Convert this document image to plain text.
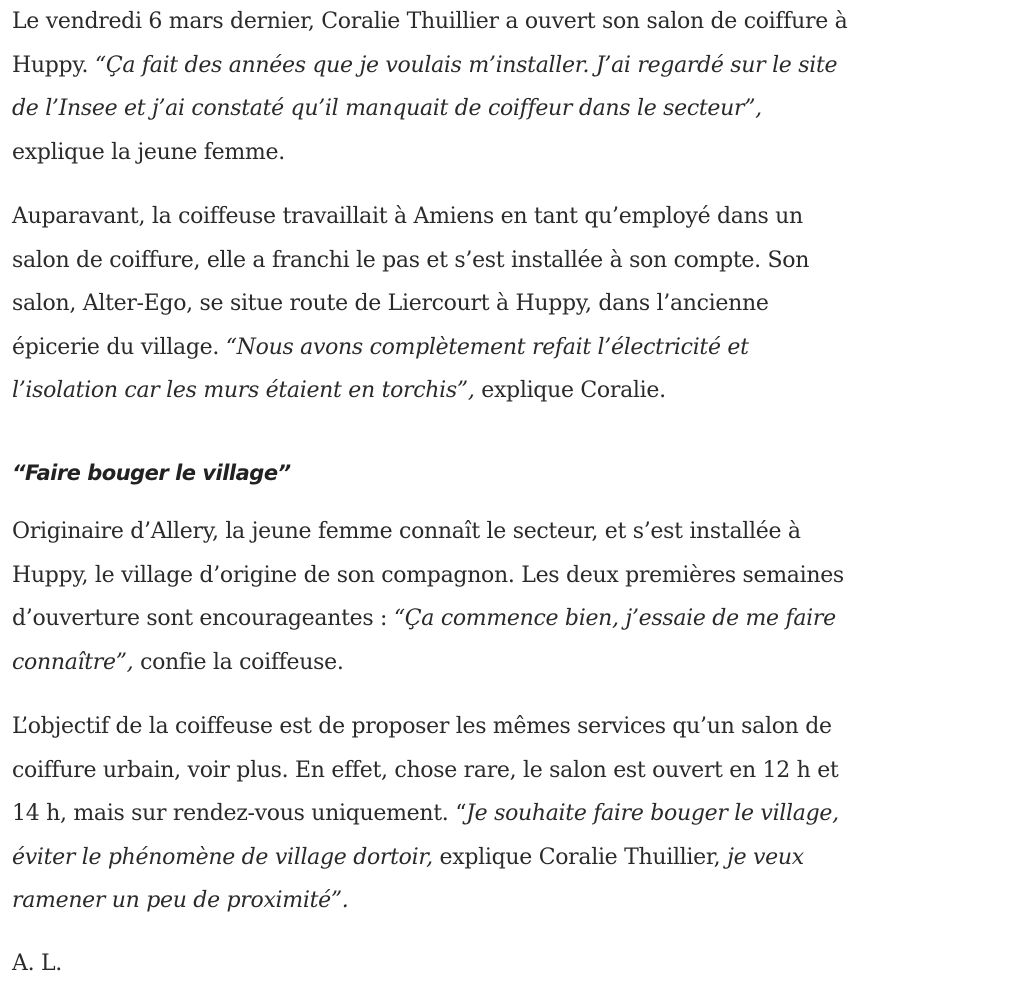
Le vendredi 6 mars dernier, Coralie Thuillier a ouvert son salon de coiffure à Huppy. “Ça fait des années que je voulais m’installer. J’ai regardé sur le site de l’Insee et j’ai constaté qu’il manquait de coiffeur dans le secteur”, explique la jeune femme.

Auparavant, la coiffeuse travaillait à Amiens en tant qu’employé dans un salon de coiffure, elle a franchi le pas et s’est installée à son compte. Son salon, Alter-Ego, se situe route de Liercourt à Huppy, dans l’ancienne épicerie du village. “Nous avons complètement refait l’électricité et l’isolation car les murs étaient en torchis”, explique Coralie.

“Faire bouger le village”

Originaire d’Allery, la jeune femme connaît le secteur, et s’est installée à Huppy, le village d’origine de son compagnon. Les deux premières semaines d’ouverture sont encourageantes : “Ça commence bien, j’essaie de me faire connaître”, confie la coiffeuse.

L’objectif de la coiffeuse est de proposer les mêmes services qu’un salon de coiffure urbain, voir plus. En effet, chose rare, le salon est ouvert en 12 h et 14 h, mais sur rendez-vous uniquement. “Je souhaite faire bouger le village, éviter le phénomène de village dortoir, explique Coralie Thuillier, je veux ramener un peu de proximité”.

A. L.
